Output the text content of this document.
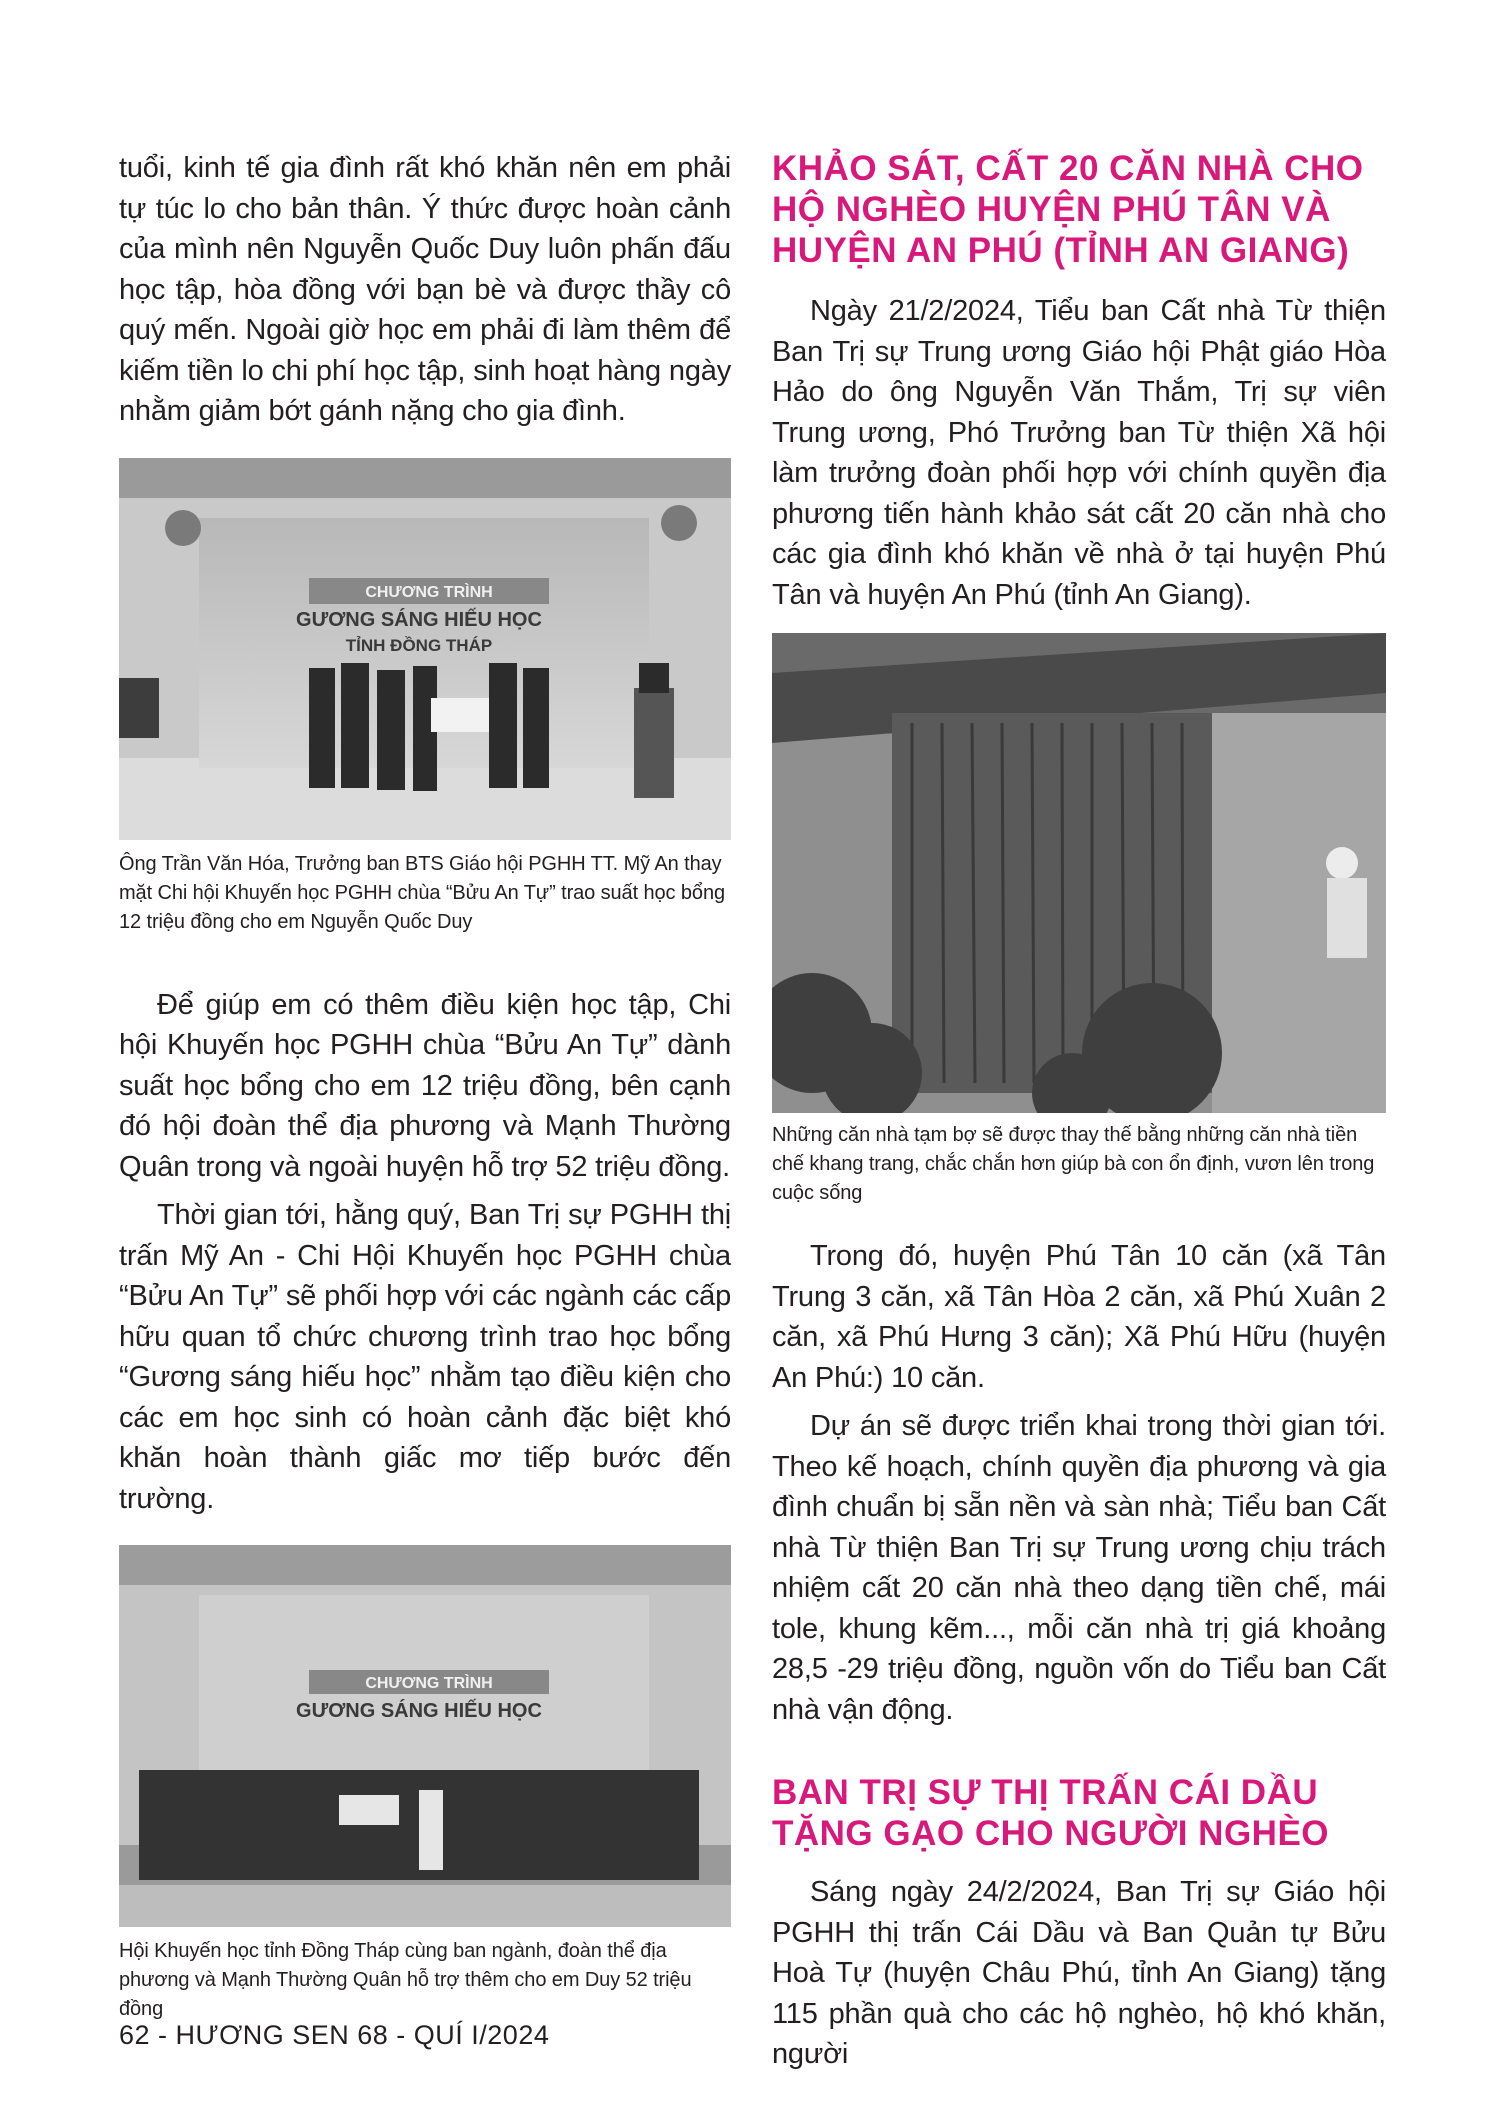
tuổi, kinh tế gia đình rất khó khăn nên em phải tự túc lo cho bản thân. Ý thức được hoàn cảnh của mình nên Nguyễn Quốc Duy luôn phấn đấu học tập, hòa đồng với bạn bè và được thầy cô quý mến. Ngoài giờ học em phải đi làm thêm để kiếm tiền lo chi phí học tập, sinh hoạt hàng ngày nhằm giảm bớt gánh nặng cho gia đình.

CHƯƠNG TRÌNH
GƯƠNG SÁNG HIẾU HỌC
TỈNH ĐỒNG THÁP

Ông Trần Văn Hóa, Trưởng ban BTS Giáo hội PGHH TT. Mỹ An thay mặt Chi hội Khuyến học PGHH chùa “Bửu An Tự” trao suất học bổng 12 triệu đồng cho em Nguyễn Quốc Duy

Để giúp em có thêm điều kiện học tập, Chi hội Khuyến học PGHH chùa “Bửu An Tự” dành suất học bổng cho em 12 triệu đồng, bên cạnh đó hội đoàn thể địa phương và Mạnh Thường Quân trong và ngoài huyện hỗ trợ 52 triệu đồng.

Thời gian tới, hằng quý, Ban Trị sự PGHH thị trấn Mỹ An - Chi Hội Khuyến học PGHH chùa “Bửu An Tự” sẽ phối hợp với các ngành các cấp hữu quan tổ chức chương trình trao học bổng “Gương sáng hiếu học” nhằm tạo điều kiện cho các em học sinh có hoàn cảnh đặc biệt khó khăn hoàn thành giấc mơ tiếp bước đến trường.

CHƯƠNG TRÌNH
GƯƠNG SÁNG HIẾU HỌC

Hội Khuyến học tỉnh Đồng Tháp cùng ban ngành, đoàn thể địa phương và Mạnh Thường Quân hỗ trợ thêm cho em Duy 52 triệu đồng

KHẢO SÁT, CẤT 20 CĂN NHÀ CHO HỘ NGHÈO HUYỆN PHÚ TÂN VÀ HUYỆN AN PHÚ (TỈNH AN GIANG)

Ngày 21/2/2024, Tiểu ban Cất nhà Từ thiện Ban Trị sự Trung ương Giáo hội Phật giáo Hòa Hảo do ông Nguyễn Văn Thắm, Trị sự viên Trung ương, Phó Trưởng ban Từ thiện Xã hội làm trưởng đoàn phối hợp với chính quyền địa phương tiến hành khảo sát cất 20 căn nhà cho các gia đình khó khăn về nhà ở tại huyện Phú Tân và huyện An Phú (tỉnh An Giang).

Những căn nhà tạm bợ sẽ được thay thế bằng những căn nhà tiền chế khang trang, chắc chắn hơn giúp bà con ổn định, vươn lên trong cuộc sống

Trong đó, huyện Phú Tân 10 căn (xã Tân Trung 3 căn, xã Tân Hòa 2 căn, xã Phú Xuân 2 căn, xã Phú Hưng 3 căn); Xã Phú Hữu (huyện An Phú:) 10 căn.

Dự án sẽ được triển khai trong thời gian tới. Theo kế hoạch, chính quyền địa phương và gia đình chuẩn bị sẵn nền và sàn nhà; Tiểu ban Cất nhà Từ thiện Ban Trị sự Trung ương chịu trách nhiệm cất 20 căn nhà theo dạng tiền chế, mái tole, khung kẽm..., mỗi căn nhà trị giá khoảng 28,5 -29 triệu đồng, nguồn vốn do Tiểu ban Cất nhà vận động.

BAN TRỊ SỰ THỊ TRẤN CÁI DẦU TẶNG GẠO CHO NGƯỜI NGHÈO

Sáng ngày 24/2/2024, Ban Trị sự Giáo hội PGHH thị trấn Cái Dầu và Ban Quản tự Bửu Hoà Tự (huyện Châu Phú, tỉnh An Giang) tặng 115 phần quà cho các hộ nghèo, hộ khó khăn, người

62 - HƯƠNG SEN 68 - QUÍ I/2024
